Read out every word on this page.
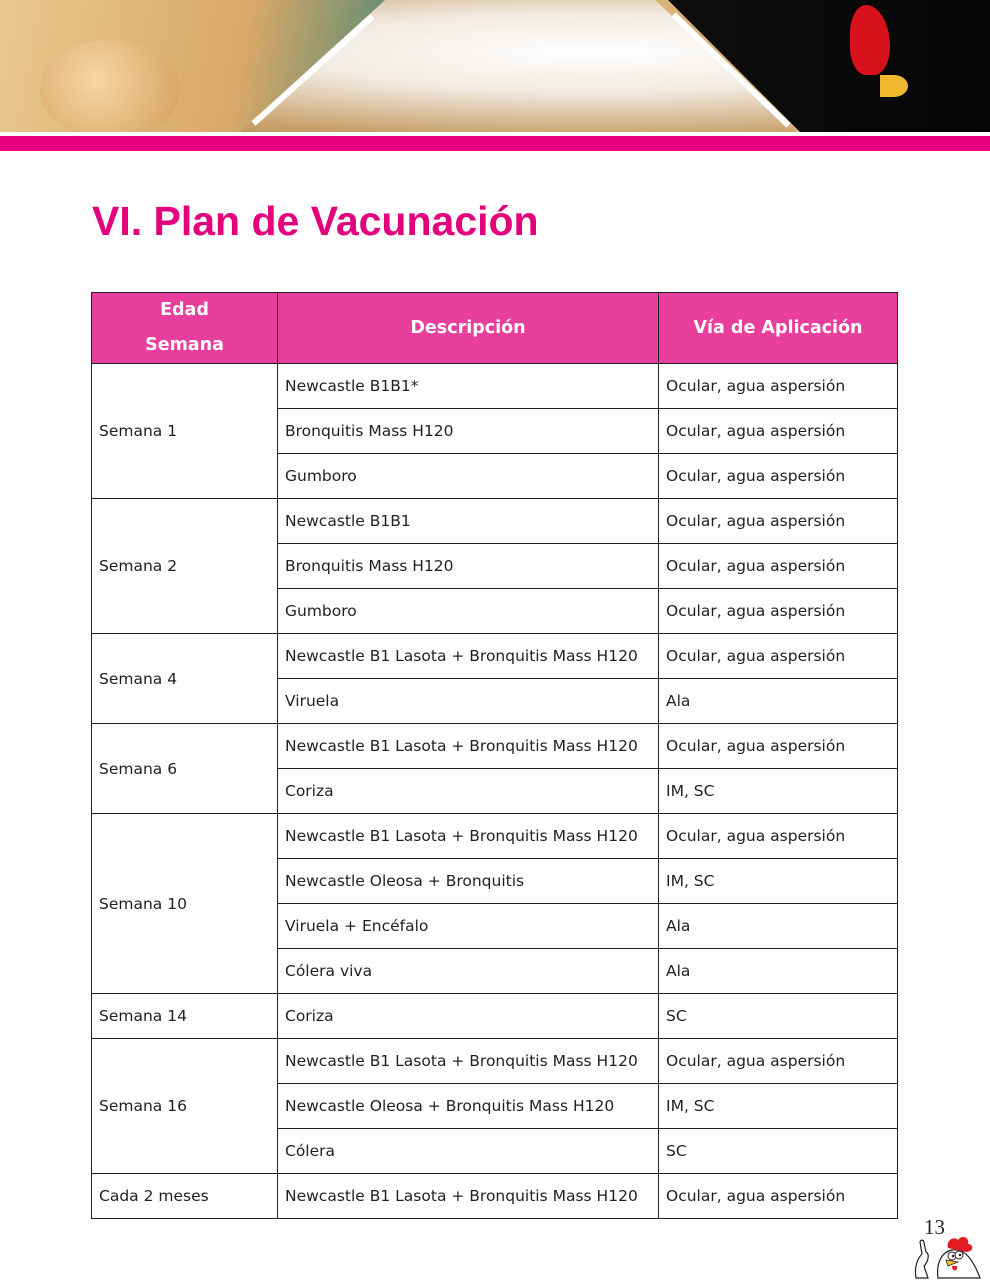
VI. Plan de Vacunación
Edad
Semana	Descripción	Vía de Aplicación
Semana 1	Newcastle B1B1*	Ocular, agua aspersión
	Bronquitis Mass H120	Ocular, agua aspersión
	Gumboro	Ocular, agua aspersión
Semana 2	Newcastle B1B1	Ocular, agua aspersión
	Bronquitis Mass H120	Ocular, agua aspersión
	Gumboro	Ocular, agua aspersión
Semana 4	Newcastle B1 Lasota + Bronquitis Mass H120	Ocular, agua aspersión
	Viruela	Ala
Semana 6	Newcastle B1 Lasota + Bronquitis Mass H120	Ocular, agua aspersión
	Coriza	IM, SC
Semana 10	Newcastle B1 Lasota + Bronquitis Mass H120	Ocular, agua aspersión
	Newcastle Oleosa + Bronquitis	IM, SC
	Viruela + Encéfalo	Ala
	Cólera viva	Ala
Semana 14	Coriza	SC
Semana 16	Newcastle B1 Lasota + Bronquitis Mass H120	Ocular, agua aspersión
	Newcastle Oleosa + Bronquitis Mass H120	IM, SC
	Cólera	SC
Cada 2 meses	Newcastle B1 Lasota + Bronquitis Mass H120	Ocular, agua aspersión
13
